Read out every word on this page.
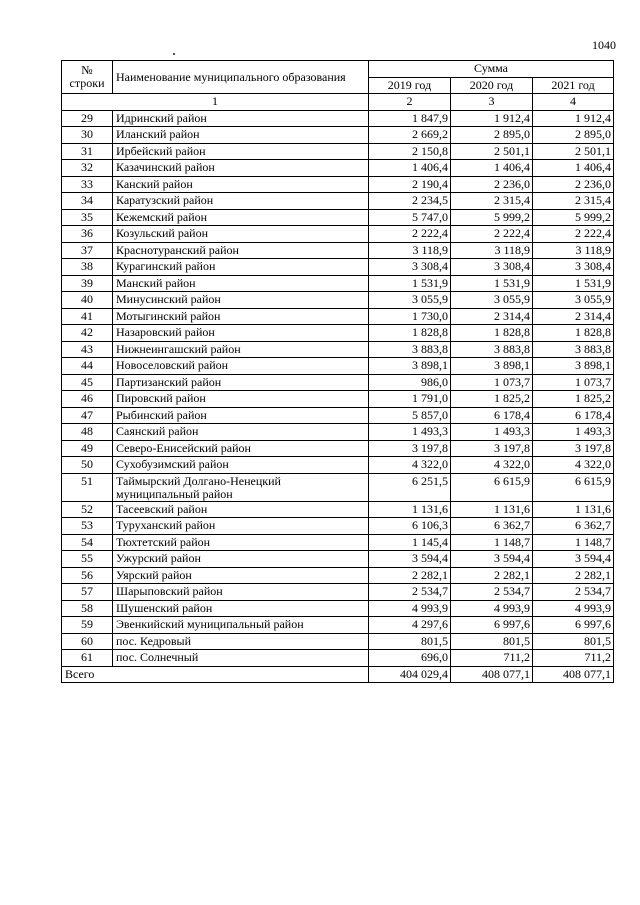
1040
№
строки	Наименование муниципального образования	Сумма		
		2019 год	2020 год	2021 год
1		2	3	4
29	Идринский район	1 847,9	1 912,4	1 912,4
30	Иланский район	2 669,2	2 895,0	2 895,0
31	Ирбейский район	2 150,8	2 501,1	2 501,1
32	Казачинский район	1 406,4	1 406,4	1 406,4
33	Канский район	2 190,4	2 236,0	2 236,0
34	Каратузский район	2 234,5	2 315,4	2 315,4
35	Кежемский район	5 747,0	5 999,2	5 999,2
36	Козульский район	2 222,4	2 222,4	2 222,4
37	Краснотуранский район	3 118,9	3 118,9	3 118,9
38	Курагинский район	3 308,4	3 308,4	3 308,4
39	Манский район	1 531,9	1 531,9	1 531,9
40	Минусинский район	3 055,9	3 055,9	3 055,9
41	Мотыгинский район	1 730,0	2 314,4	2 314,4
42	Назаровский район	1 828,8	1 828,8	1 828,8
43	Нижнеингашский район	3 883,8	3 883,8	3 883,8
44	Новоселовский район	3 898,1	3 898,1	3 898,1
45	Партизанский район	986,0	1 073,7	1 073,7
46	Пировский район	1 791,0	1 825,2	1 825,2
47	Рыбинский район	5 857,0	6 178,4	6 178,4
48	Саянский район	1 493,3	1 493,3	1 493,3
49	Северо-Енисейский район	3 197,8	3 197,8	3 197,8
50	Сухобузимский район	4 322,0	4 322,0	4 322,0
51	Таймырский Долгано-Ненецкий муниципальный район	6 251,5	6 615,9	6 615,9
52	Тасеевский район	1 131,6	1 131,6	1 131,6
53	Туруханский район	6 106,3	6 362,7	6 362,7
54	Тюхтетский район	1 145,4	1 148,7	1 148,7
55	Ужурский район	3 594,4	3 594,4	3 594,4
56	Уярский район	2 282,1	2 282,1	2 282,1
57	Шарыповский район	2 534,7	2 534,7	2 534,7
58	Шушенский район	4 993,9	4 993,9	4 993,9
59	Эвенкийский муниципальный район	4 297,6	6 997,6	6 997,6
60	пос. Кедровый	801,5	801,5	801,5
61	пос. Солнечный	696,0	711,2	711,2
Всего		404 029,4	408 077,1	408 077,1
